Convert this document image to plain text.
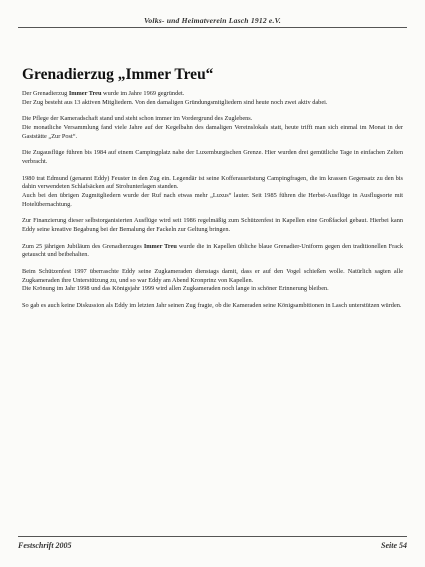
Volks- und Heimatverein Lasch 1912 e.V.
Grenadierzug „Immer Treu“

Der Grenadierzug Immer Treu wurde im Jahre 1969 gegründet.

Der Zug besteht aus 13 aktiven Mitgliedern. Von den damaligen Gründungsmitgliedern sind heute noch zwei aktiv dabei.

Die Pflege der Kameradschaft stand und steht schon immer im Vordergrund des Zuglebens.

Die monatliche Versammlung fand viele Jahre auf der Kegelbahn des damaligen Vereinslokals statt, heute trifft man sich einmal im Monat in der Gaststätte „Zur Post“.

Die Zugausflüge führen bis 1984 auf einem Campingplatz nahe der Luxemburgischen Grenze. Hier wurden drei gemütliche Tage in einfachen Zelten verbracht.

1980 trat Edmund (genannt Eddy) Feuster in den Zug ein. Legendär ist seine Kofferausrüstung Campingfragen, die im krassen Gegensatz zu den bis dahin verwendeten Schlafsäcken auf Strohunterlagen standen.

Auch bei den übrigen Zugmitgliedern wurde der Ruf nach etwas mehr „Luxus“ lauter. Seit 1985 führen die Herbst-Ausflüge in Ausflugsorte mit Hotelübernachtung.

Zur Finanzierung dieser selbstorganisierten Ausflüge wird seit 1986 regelmäßig zum Schützenfest in Kapellen eine Großfackel gebaut. Hierbei kann Eddy seine kreative Begabung bei der Bemalung der Fackeln zur Geltung bringen.

Zum 25 jährigen Jubiläum des Grenadierzuges Immer Treu wurde die in Kapellen übliche blaue Grenadier-Uniform gegen den traditionellen Frack getauscht und beibehalten.

Beim Schützenfest 1997 überraschte Eddy seine Zugkameraden dienstags damit, dass er auf den Vogel schießen wolle. Natürlich sagten alle Zugkameraden ihre Unterstützung zu, und so war Eddy am Abend Kronprinz von Kapellen.

Die Krönung im Jahr 1998 und das Königsjahr 1999 wird allen Zugkameraden noch lange in schöner Erinnerung bleiben.

So gab es auch keine Diskussion als Eddy im letzten Jahr seinen Zug fragte, ob die Kameraden seine Königsambitionen in Lasch unterstützen würden.

Festschrift 2005	Seite 54
